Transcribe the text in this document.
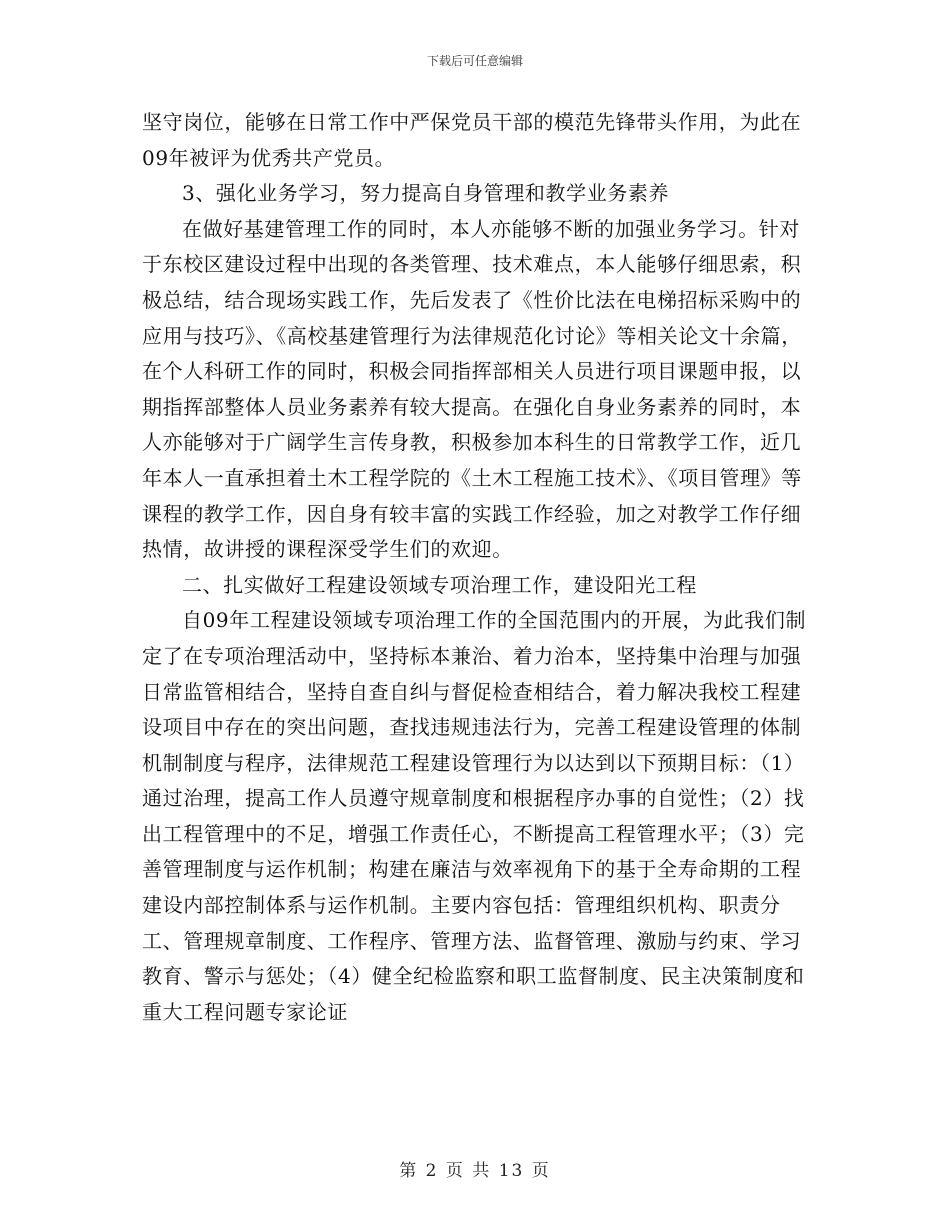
下载后可任意编辑

坚守岗位，能够在日常工作中严保党员干部的模范先锋带头作用，为此在09年被评为优秀共产党员。

3、强化业务学习，努力提高自身管理和教学业务素养

在做好基建管理工作的同时，本人亦能够不断的加强业务学习。针对于东校区建设过程中出现的各类管理、技术难点，本人能够仔细思索，积极总结，结合现场实践工作，先后发表了《性价比法在电梯招标采购中的应用与技巧》、《高校基建管理行为法律规范化讨论》等相关论文十余篇，在个人科研工作的同时，积极会同指挥部相关人员进行项目课题申报，以期指挥部整体人员业务素养有较大提高。在强化自身业务素养的同时，本人亦能够对于广阔学生言传身教，积极参加本科生的日常教学工作，近几年本人一直承担着土木工程学院的《土木工程施工技术》、《项目管理》等课程的教学工作，因自身有较丰富的实践工作经验，加之对教学工作仔细热情，故讲授的课程深受学生们的欢迎。

二、扎实做好工程建设领域专项治理工作，建设阳光工程

自09年工程建设领域专项治理工作的全国范围内的开展，为此我们制定了在专项治理活动中，坚持标本兼治、着力治本，坚持集中治理与加强日常监管相结合，坚持自查自纠与督促检查相结合，着力解决我校工程建设项目中存在的突出问题，查找违规违法行为，完善工程建设管理的体制机制制度与程序，法律规范工程建设管理行为以达到以下预期目标：（1）通过治理，提高工作人员遵守规章制度和根据程序办事的自觉性；（2）找出工程管理中的不足，增强工作责任心，不断提高工程管理水平；（3）完善管理制度与运作机制；构建在廉洁与效率视角下的基于全寿命期的工程建设内部控制体系与运作机制。主要内容包括：管理组织机构、职责分工、管理规章制度、工作程序、管理方法、监督管理、激励与约束、学习教育、警示与惩处；（4）健全纪检监察和职工监督制度、民主决策制度和重大工程问题专家论证

第 2 页 共 13 页
